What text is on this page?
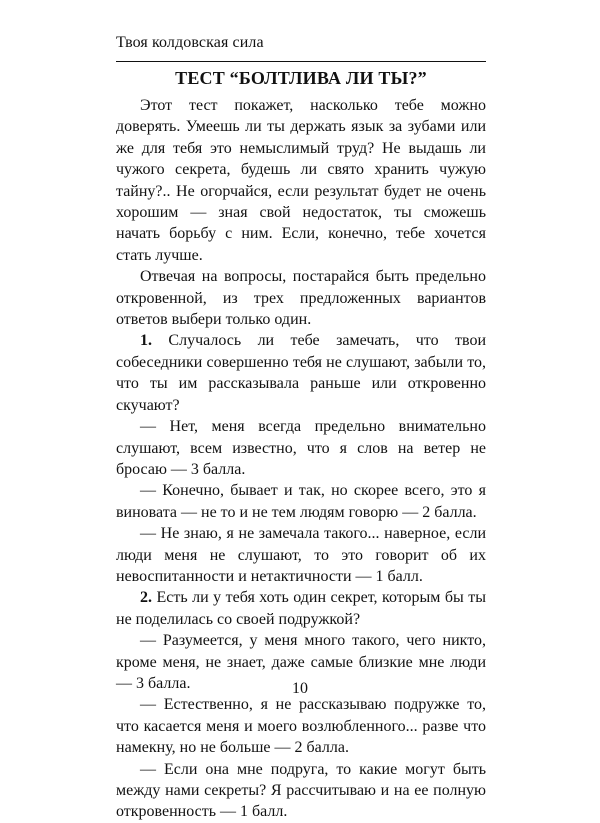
Твоя колдовская сила
ТЕСТ “БОЛТЛИВА ЛИ ТЫ?”

Этот тест покажет, насколько тебе можно доверять. Умеешь ли ты держать язык за зубами или же для тебя это немыслимый труд? Не выдашь ли чужого секрета, будешь ли свято хранить чужую тайну?.. Не огорчайся, если результат будет не очень хорошим — зная свой недостаток, ты сможешь начать борьбу с ним. Если, конечно, тебе хочется стать лучше.

Отвечая на вопросы, постарайся быть предельно откровенной, из трех предложенных вариантов ответов выбери только один.

1. Случалось ли тебе замечать, что твои собеседники совершенно тебя не слушают, забыли то, что ты им рассказывала раньше или откровенно скучают?

— Нет, меня всегда предельно внимательно слушают, всем известно, что я слов на ветер не бросаю — 3 балла.

— Конечно, бывает и так, но скорее всего, это я виновата — не то и не тем людям говорю — 2 балла.

— Не знаю, я не замечала такого... наверное, если люди меня не слушают, то это говорит об их невоспитанности и нетактичности — 1 балл.

2. Есть ли у тебя хоть один секрет, которым бы ты не поделилась со своей подружкой?

— Разумеется, у меня много такого, чего никто, кроме меня, не знает, даже самые близкие мне люди — 3 балла.

— Естественно, я не рассказываю подружке то, что касается меня и моего возлюбленного... разве что намекну, но не больше — 2 балла.

— Если она мне подруга, то какие могут быть между нами секреты? Я рассчитываю и на ее полную откровенность — 1 балл.

10
